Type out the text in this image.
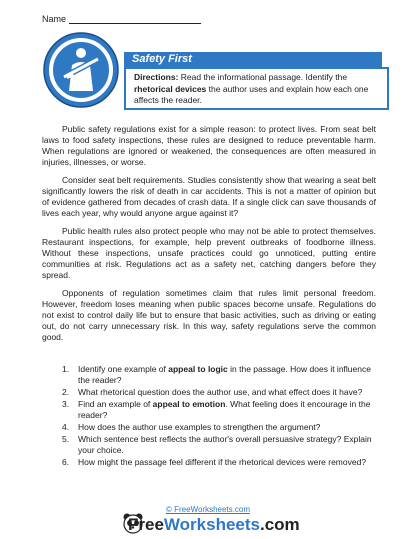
Name
Safety First
Directions: Read the informational passage. Identify the rhetorical devices the author uses and explain how each one affects the reader.

Public safety regulations exist for a simple reason: to protect lives. From seat belt laws to food safety inspections, these rules are designed to reduce preventable harm. When regulations are ignored or weakened, the consequences are often measured in injuries, illnesses, or worse.

Consider seat belt requirements. Studies consistently show that wearing a seat belt significantly lowers the risk of death in car accidents. This is not a matter of opinion but of evidence gathered from decades of crash data. If a single click can save thousands of lives each year, why would anyone argue against it?

Public health rules also protect people who may not be able to protect themselves. Restaurant inspections, for example, help prevent outbreaks of foodborne illness. Without these inspections, unsafe practices could go unnoticed, putting entire communities at risk. Regulations act as a safety net, catching dangers before they spread.

Opponents of regulation sometimes claim that rules limit personal freedom. However, freedom loses meaning when public spaces become unsafe. Regulations do not exist to control daily life but to ensure that basic activities, such as driving or eating out, do not carry unnecessary risk. In this way, safety regulations serve the common good.

1. Identify one example of appeal to logic in the passage. How does it influence the reader?
2. What rhetorical question does the author use, and what effect does it have?
3. Find an example of appeal to emotion. What feeling does it encourage in the reader?
4. How does the author use examples to strengthen the argument?
5. Which sentence best reflects the author's overall persuasive strategy? Explain your choice.
6. How might the passage feel different if the rhetorical devices were removed?
© FreeWorksheets.com
FreeWorksheets.com
